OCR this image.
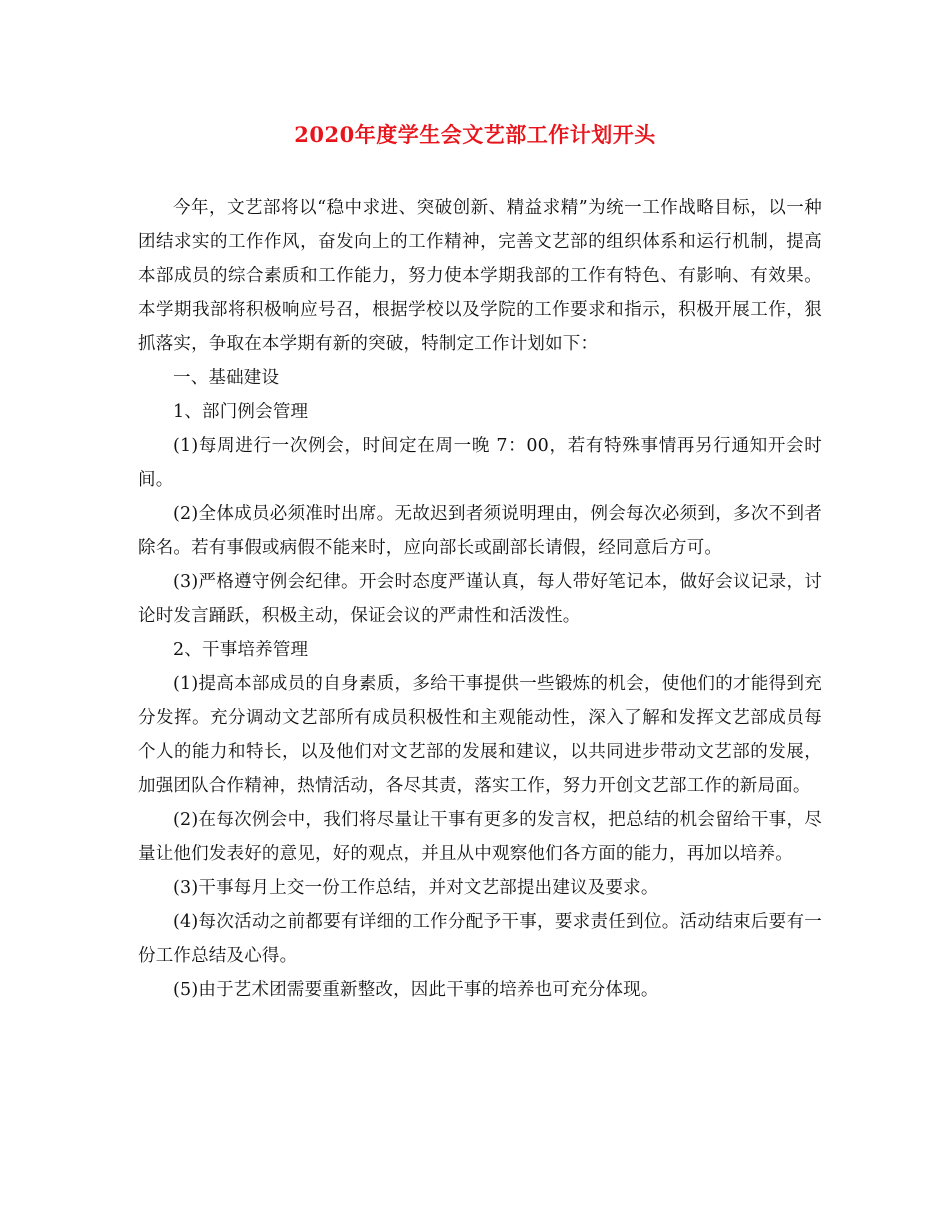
2020年度学生会文艺部工作计划开头

今年，文艺部将以“稳中求进、突破创新、精益求精”为统一工作战略目标，以一种团结求实的工作作风，奋发向上的工作精神，完善文艺部的组织体系和运行机制，提高本部成员的综合素质和工作能力，努力使本学期我部的工作有特色、有影响、有效果。本学期我部将积极响应号召，根据学校以及学院的工作要求和指示，积极开展工作，狠抓落实，争取在本学期有新的突破，特制定工作计划如下：

一、基础建设

1、部门例会管理

(1)每周进行一次例会，时间定在周一晚 7：00，若有特殊事情再另行通知开会时间。

(2)全体成员必须准时出席。无故迟到者须说明理由，例会每次必须到，多次不到者除名。若有事假或病假不能来时，应向部长或副部长请假，经同意后方可。

(3)严格遵守例会纪律。开会时态度严谨认真，每人带好笔记本，做好会议记录，讨论时发言踊跃，积极主动，保证会议的严肃性和活泼性。

2、干事培养管理

(1)提高本部成员的自身素质，多给干事提供一些锻炼的机会，使他们的才能得到充分发挥。充分调动文艺部所有成员积极性和主观能动性，深入了解和发挥文艺部成员每个人的能力和特长，以及他们对文艺部的发展和建议，以共同进步带动文艺部的发展，加强团队合作精神，热情活动，各尽其责，落实工作，努力开创文艺部工作的新局面。

(2)在每次例会中，我们将尽量让干事有更多的发言权，把总结的机会留给干事，尽量让他们发表好的意见，好的观点，并且从中观察他们各方面的能力，再加以培养。

(3)干事每月上交一份工作总结，并对文艺部提出建议及要求。

(4)每次活动之前都要有详细的工作分配予干事，要求责任到位。活动结束后要有一份工作总结及心得。

(5)由于艺术团需要重新整改，因此干事的培养也可充分体现。
